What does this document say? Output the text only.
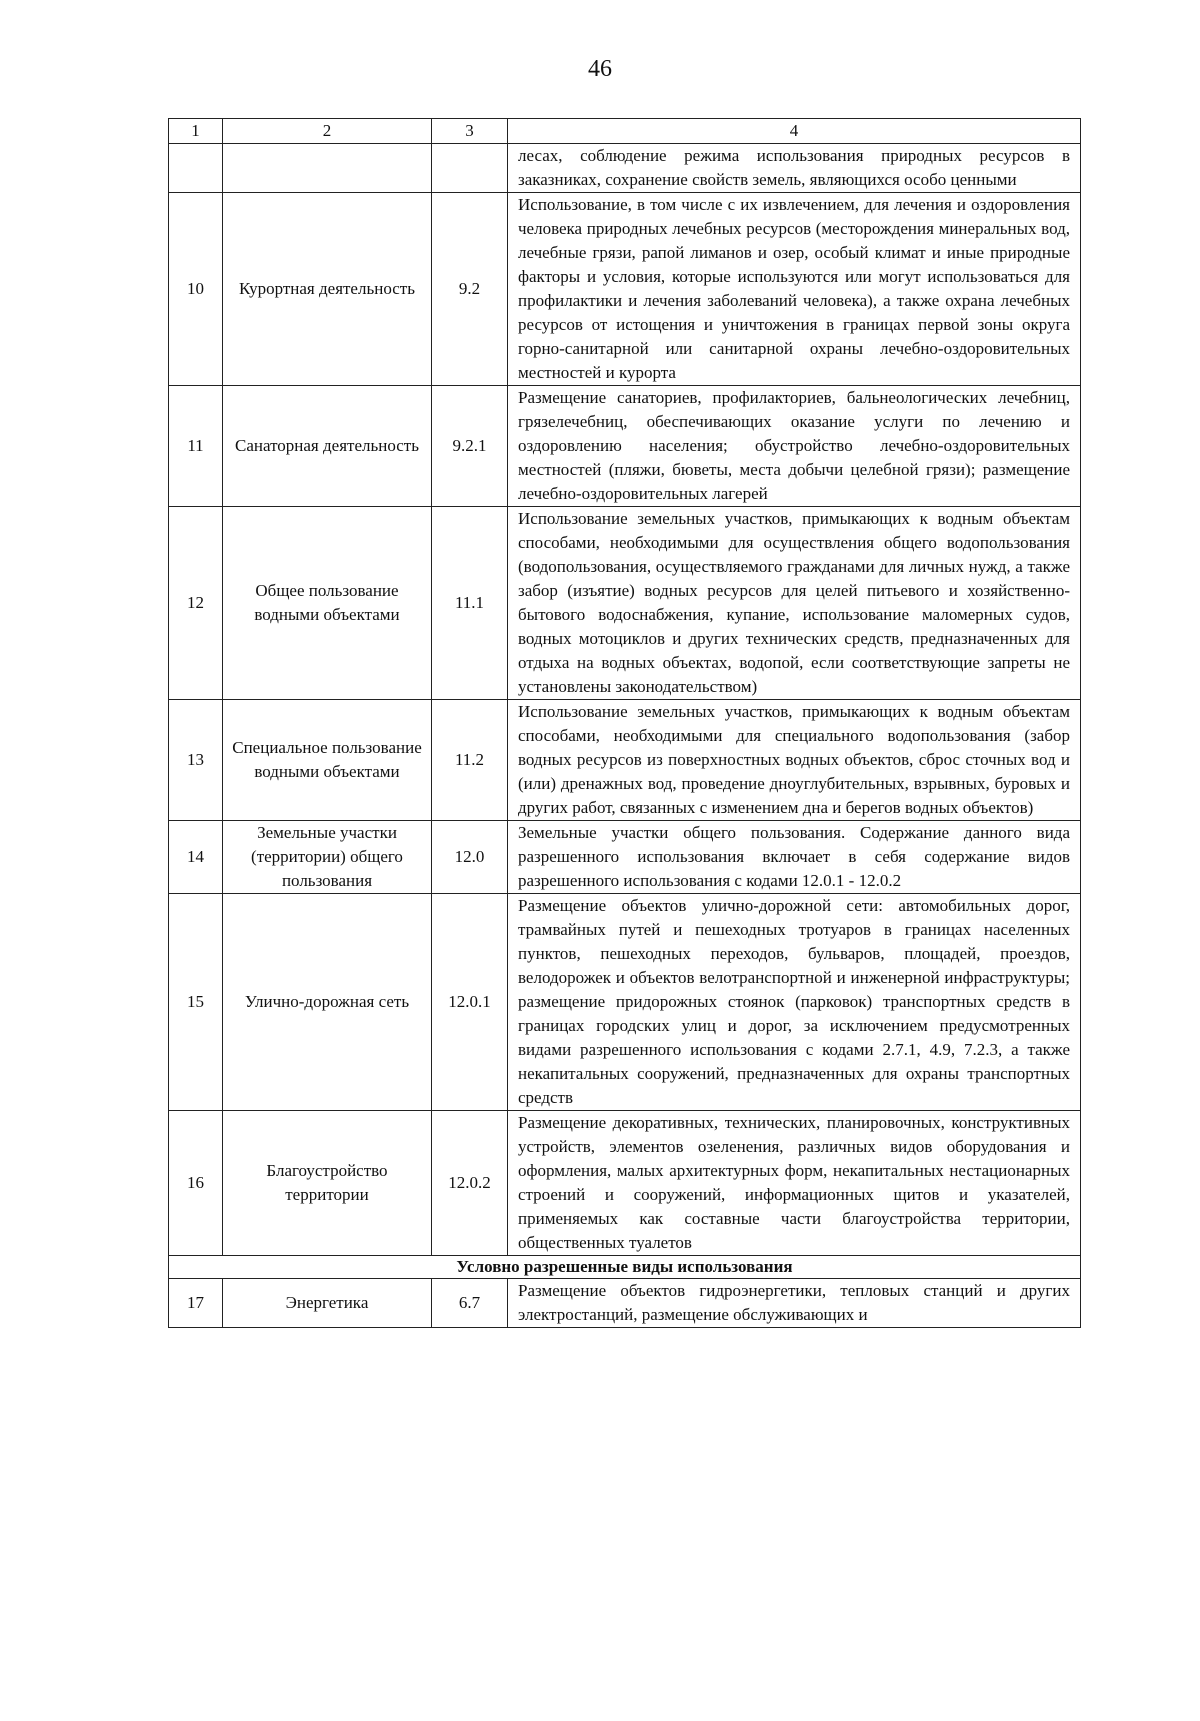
46
1	2	3	4
			лесах, соблюдение режима использования природных ресурсов в заказниках, сохранение свойств земель, являющихся особо ценными
10	Курортная деятельность	9.2	Использование, в том числе с их извлечением, для лечения и оздоровления человека природных лечебных ресурсов (месторождения минеральных вод, лечебные грязи, рапой лиманов и озер, особый климат и иные природные факторы и условия, которые используются или могут использоваться для профилактики и лечения заболеваний человека), а также охрана лечебных ресурсов от истощения и уничтожения в границах первой зоны округа горно-санитарной или санитарной охраны лечебно-оздоровительных местностей и курорта
11	Санаторная деятельность	9.2.1	Размещение санаториев, профилакториев, бальнеологических лечебниц, грязелечебниц, обеспечивающих оказание услуги по лечению и оздоровлению населения; обустройство лечебно-оздоровительных местностей (пляжи, бюветы, места добычи целебной грязи); размещение лечебно-оздоровительных лагерей
12	Общее пользование водными объектами	11.1	Использование земельных участков, примыкающих к водным объектам способами, необходимыми для осуществления общего водопользования (водопользования, осуществляемого гражданами для личных нужд, а также забор (изъятие) водных ресурсов для целей питьевого и хозяйственно-бытового водоснабжения, купание, использование маломерных судов, водных мотоциклов и других технических средств, предназначенных для отдыха на водных объектах, водопой, если соответствующие запреты не установлены законодательством)
13	Специальное пользование водными объектами	11.2	Использование земельных участков, примыкающих к водным объектам способами, необходимыми для специального водопользования (забор водных ресурсов из поверхностных водных объектов, сброс сточных вод и (или) дренажных вод, проведение дноуглубительных, взрывных, буровых и других работ, связанных с изменением дна и берегов водных объектов)
14	Земельные участки (территории) общего пользования	12.0	Земельные участки общего пользования. Содержание данного вида разрешенного использования включает в себя содержание видов разрешенного использования с кодами 12.0.1 - 12.0.2
15	Улично-дорожная сеть	12.0.1	Размещение объектов улично-дорожной сети: автомобильных дорог, трамвайных путей и пешеходных тротуаров в границах населенных пунктов, пешеходных переходов, бульваров, площадей, проездов, велодорожек и объектов велотранспортной и инженерной инфраструктуры; размещение придорожных стоянок (парковок) транспортных средств в границах городских улиц и дорог, за исключением предусмотренных видами разрешенного использования с кодами 2.7.1, 4.9, 7.2.3, а также некапитальных сооружений, предназначенных для охраны транспортных средств
16	Благоустройство территории	12.0.2	Размещение декоративных, технических, планировочных, конструктивных устройств, элементов озеленения, различных видов оборудования и оформления, малых архитектурных форм, некапитальных нестационарных строений и сооружений, информационных щитов и указателей, применяемых как составные части благоустройства территории, общественных туалетов
Условно разрешенные виды использования			
17	Энергетика	6.7	Размещение объектов гидроэнергетики, тепловых станций и других электростанций, размещение обслуживающих и
